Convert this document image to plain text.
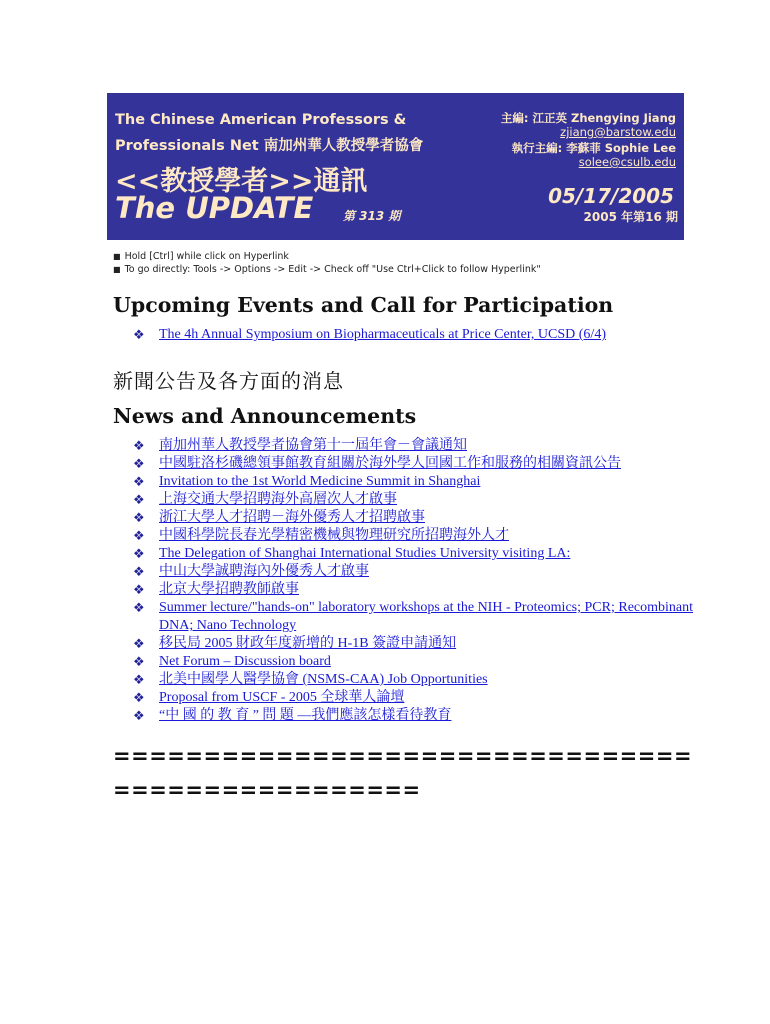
The Chinese American Professors &
Professionals Net 南加州華人教授學者協會
<<教授學者>>通訊
The UPDATE 第 313 期
主編: 江正英 Zhengying Jiang
zjiang@barstow.edu
執行主編: 李蘇菲 Sophie Lee
solee@csulb.edu
05/17/2005
2005 年第16 期
■ Hold [Ctrl] while click on Hyperlink
■ To go directly: Tools -> Options -> Edit -> Check off "Use Ctrl+Click to follow Hyperlink"
Upcoming Events and Call for Participation
❖ The 4h Annual Symposium on Biopharmaceuticals at Price Center, UCSD (6/4)
新聞公告及各方面的消息
News and Announcements
❖ 南加州華人教授學者協會第十一屆年會－會議通知
❖ 中國駐洛杉磯總領事館教育組關於海外學人回國工作和服務的相關資訊公告
❖ Invitation to the 1st World Medicine Summit in Shanghai
❖ 上海交通大學招聘海外高層次人才啟事
❖ 浙江大學人才招聘－海外優秀人才招聘啟事
❖ 中國科學院長春光學精密機械與物理研究所招聘海外人才
❖ The Delegation of Shanghai International Studies University visiting LA:
❖ 中山大學誠聘海內外優秀人才啟事
❖ 北京大學招聘教師啟事
❖ Summer lecture/"hands-on" laboratory workshops at the NIH - Proteomics; PCR; Recombinant DNA; Nano Technology
❖ 移民局 2005 財政年度新增的 H-1B 簽證申請通知
❖ Net Forum – Discussion board
❖ 北美中國學人醫學協會 (NSMS-CAA) Job Opportunities
❖ Proposal from USCF - 2005 全球華人論壇
❖ “中 國 的 教 育 ” 問 題 —我們應該怎樣看待教育
================================
=================
